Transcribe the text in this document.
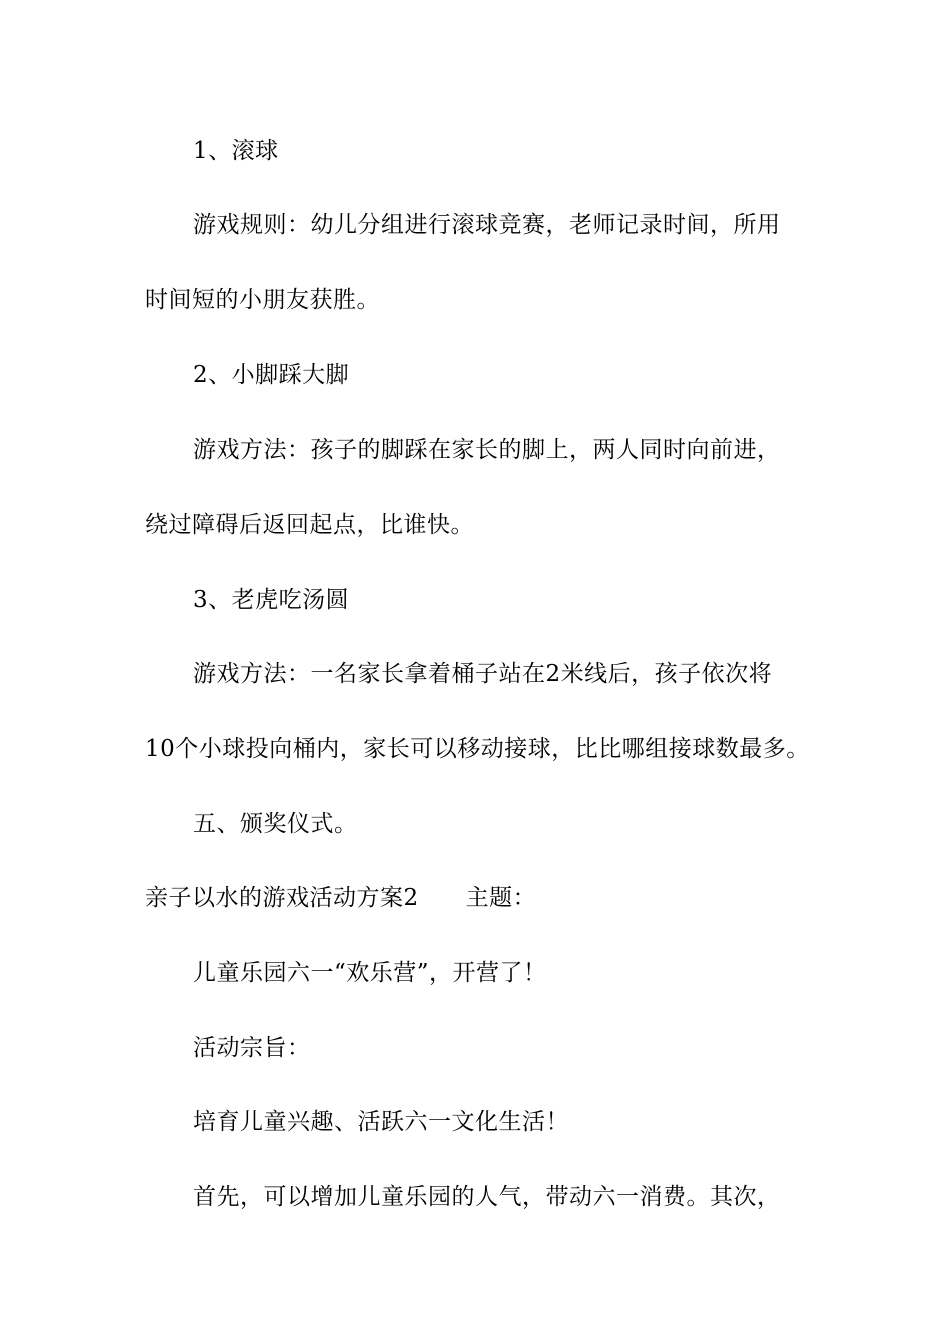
1、滚球
游戏规则：幼儿分组进行滚球竞赛，老师记录时间，所用
时间短的小朋友获胜。
2、小脚踩大脚
游戏方法：孩子的脚踩在家长的脚上，两人同时向前进，
绕过障碍后返回起点，比谁快。
3、老虎吃汤圆
游戏方法：一名家长拿着桶子站在2米线后，孩子依次将
10个小球投向桶内，家长可以移动接球，比比哪组接球数最多。
五、颁奖仪式。
亲子以水的游戏活动方案2　　主题：
儿童乐园六一“欢乐营”，开营了！
活动宗旨：
培育儿童兴趣、活跃六一文化生活！
首先，可以增加儿童乐园的人气，带动六一消费。其次，
